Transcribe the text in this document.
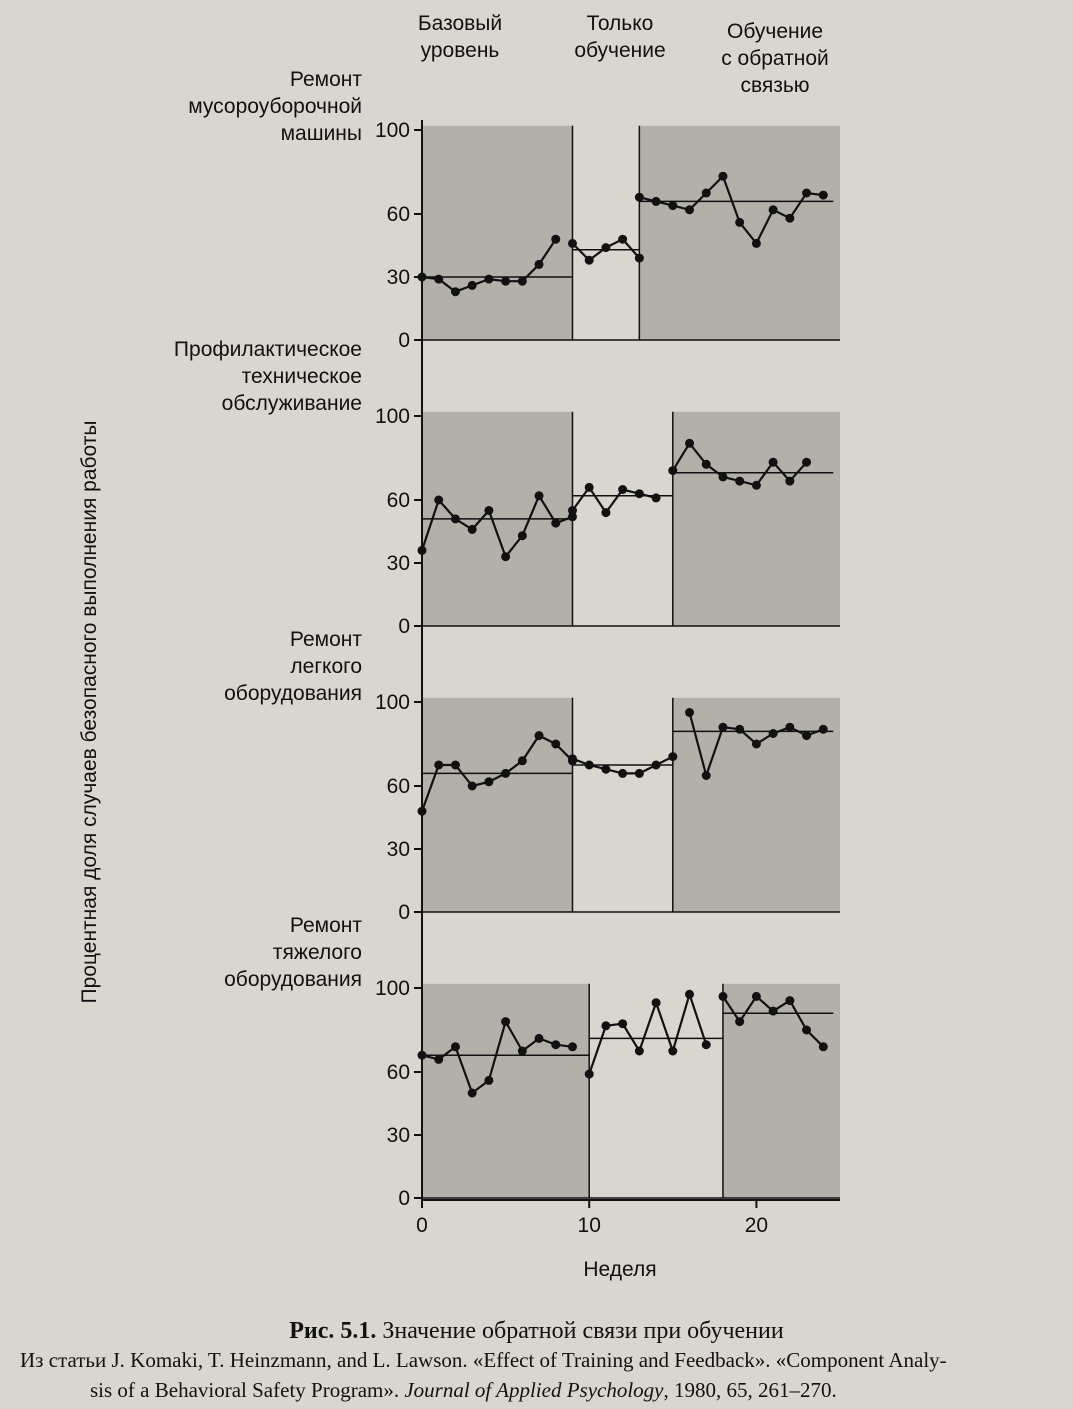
0
30
60
100
0
30
60
100
0
30
60
100
0
30
60
100
0	10	20
Базовый
уровень
Только
обучение
Обучение
с обратной
связью
Ремонт
мусороуборочной
машины
Профилактическое
техническое
обслуживание
Ремонт
легкого
оборудования
Ремонт
тяжелого
оборудования
Процентная доля случаев безопасного выполнения работы
Неделя
Рис. 5.1. Значение обратной связи при обучении
Из статьи J. Komaki, T. Heinzmann, and L. Lawson. «Effect of Training and Feedback». «Component Analy-
sis of a Behavioral Safety Program». Journal of Applied Psychology, 1980, 65, 261–270.
